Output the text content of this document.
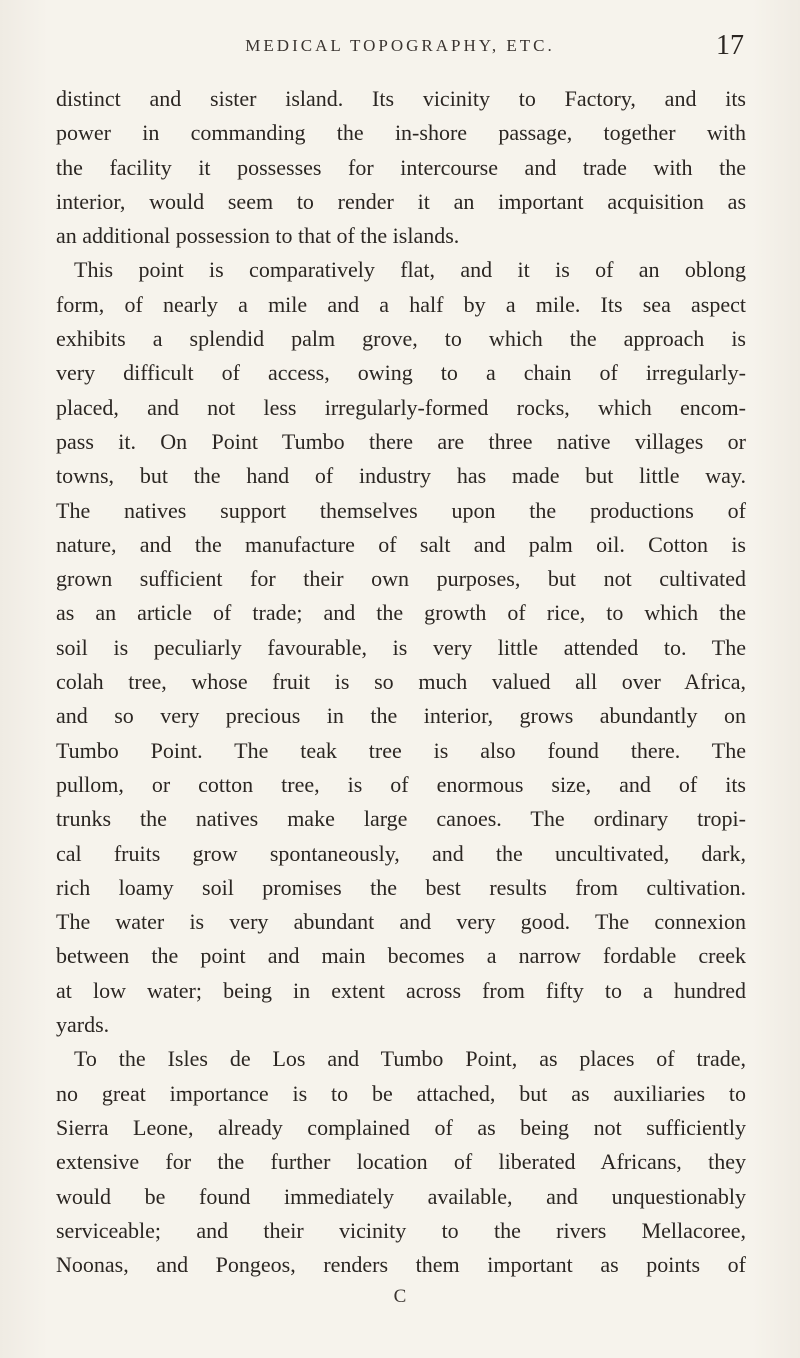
MEDICAL TOPOGRAPHY, ETC.	17
distinct and sister island. Its vicinity to Factory, and its
power in commanding the in-shore passage, together with
the facility it possesses for intercourse and trade with the
interior, would seem to render it an important acquisition as
an additional possession to that of the islands.
This point is comparatively flat, and it is of an oblong
form, of nearly a mile and a half by a mile. Its sea aspect
exhibits a splendid palm grove, to which the approach is
very difficult of access, owing to a chain of irregularly-
placed, and not less irregularly-formed rocks, which encom-
pass it. On Point Tumbo there are three native villages or
towns, but the hand of industry has made but little way.
The natives support themselves upon the productions of
nature, and the manufacture of salt and palm oil. Cotton is
grown sufficient for their own purposes, but not cultivated
as an article of trade; and the growth of rice, to which the
soil is peculiarly favourable, is very little attended to. The
colah tree, whose fruit is so much valued all over Africa,
and so very precious in the interior, grows abundantly on
Tumbo Point. The teak tree is also found there. The
pullom, or cotton tree, is of enormous size, and of its
trunks the natives make large canoes. The ordinary tropi-
cal fruits grow spontaneously, and the uncultivated, dark,
rich loamy soil promises the best results from cultivation.
The water is very abundant and very good. The connexion
between the point and main becomes a narrow fordable creek
at low water; being in extent across from fifty to a hundred
yards.
To the Isles de Los and Tumbo Point, as places of trade,
no great importance is to be attached, but as auxiliaries to
Sierra Leone, already complained of as being not sufficiently
extensive for the further location of liberated Africans, they
would be found immediately available, and unquestionably
serviceable; and their vicinity to the rivers Mellacoree,
Noonas, and Pongeos, renders them important as points of
C
